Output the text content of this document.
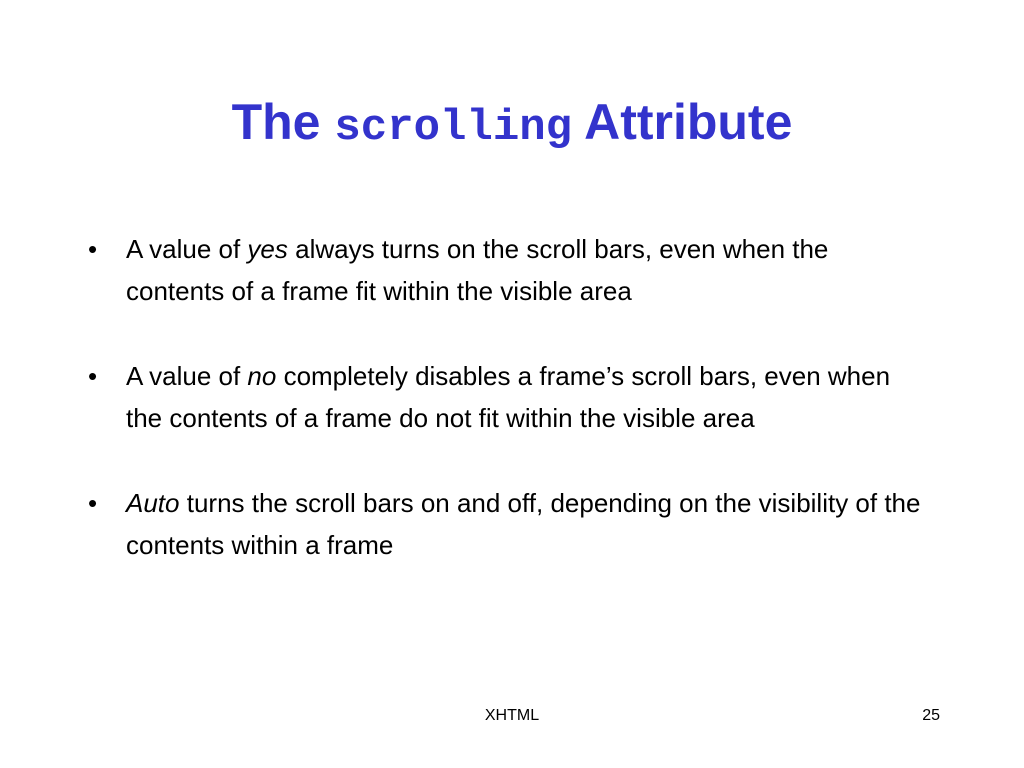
The scrolling Attribute
• A value of yes always turns on the scroll bars, even when the contents of a frame fit within the visible area
• A value of no completely disables a frame’s scroll bars, even when the contents of a frame do not fit within the visible area
• Auto turns the scroll bars on and off, depending on the visibility of the contents within a frame
XHTML	25
